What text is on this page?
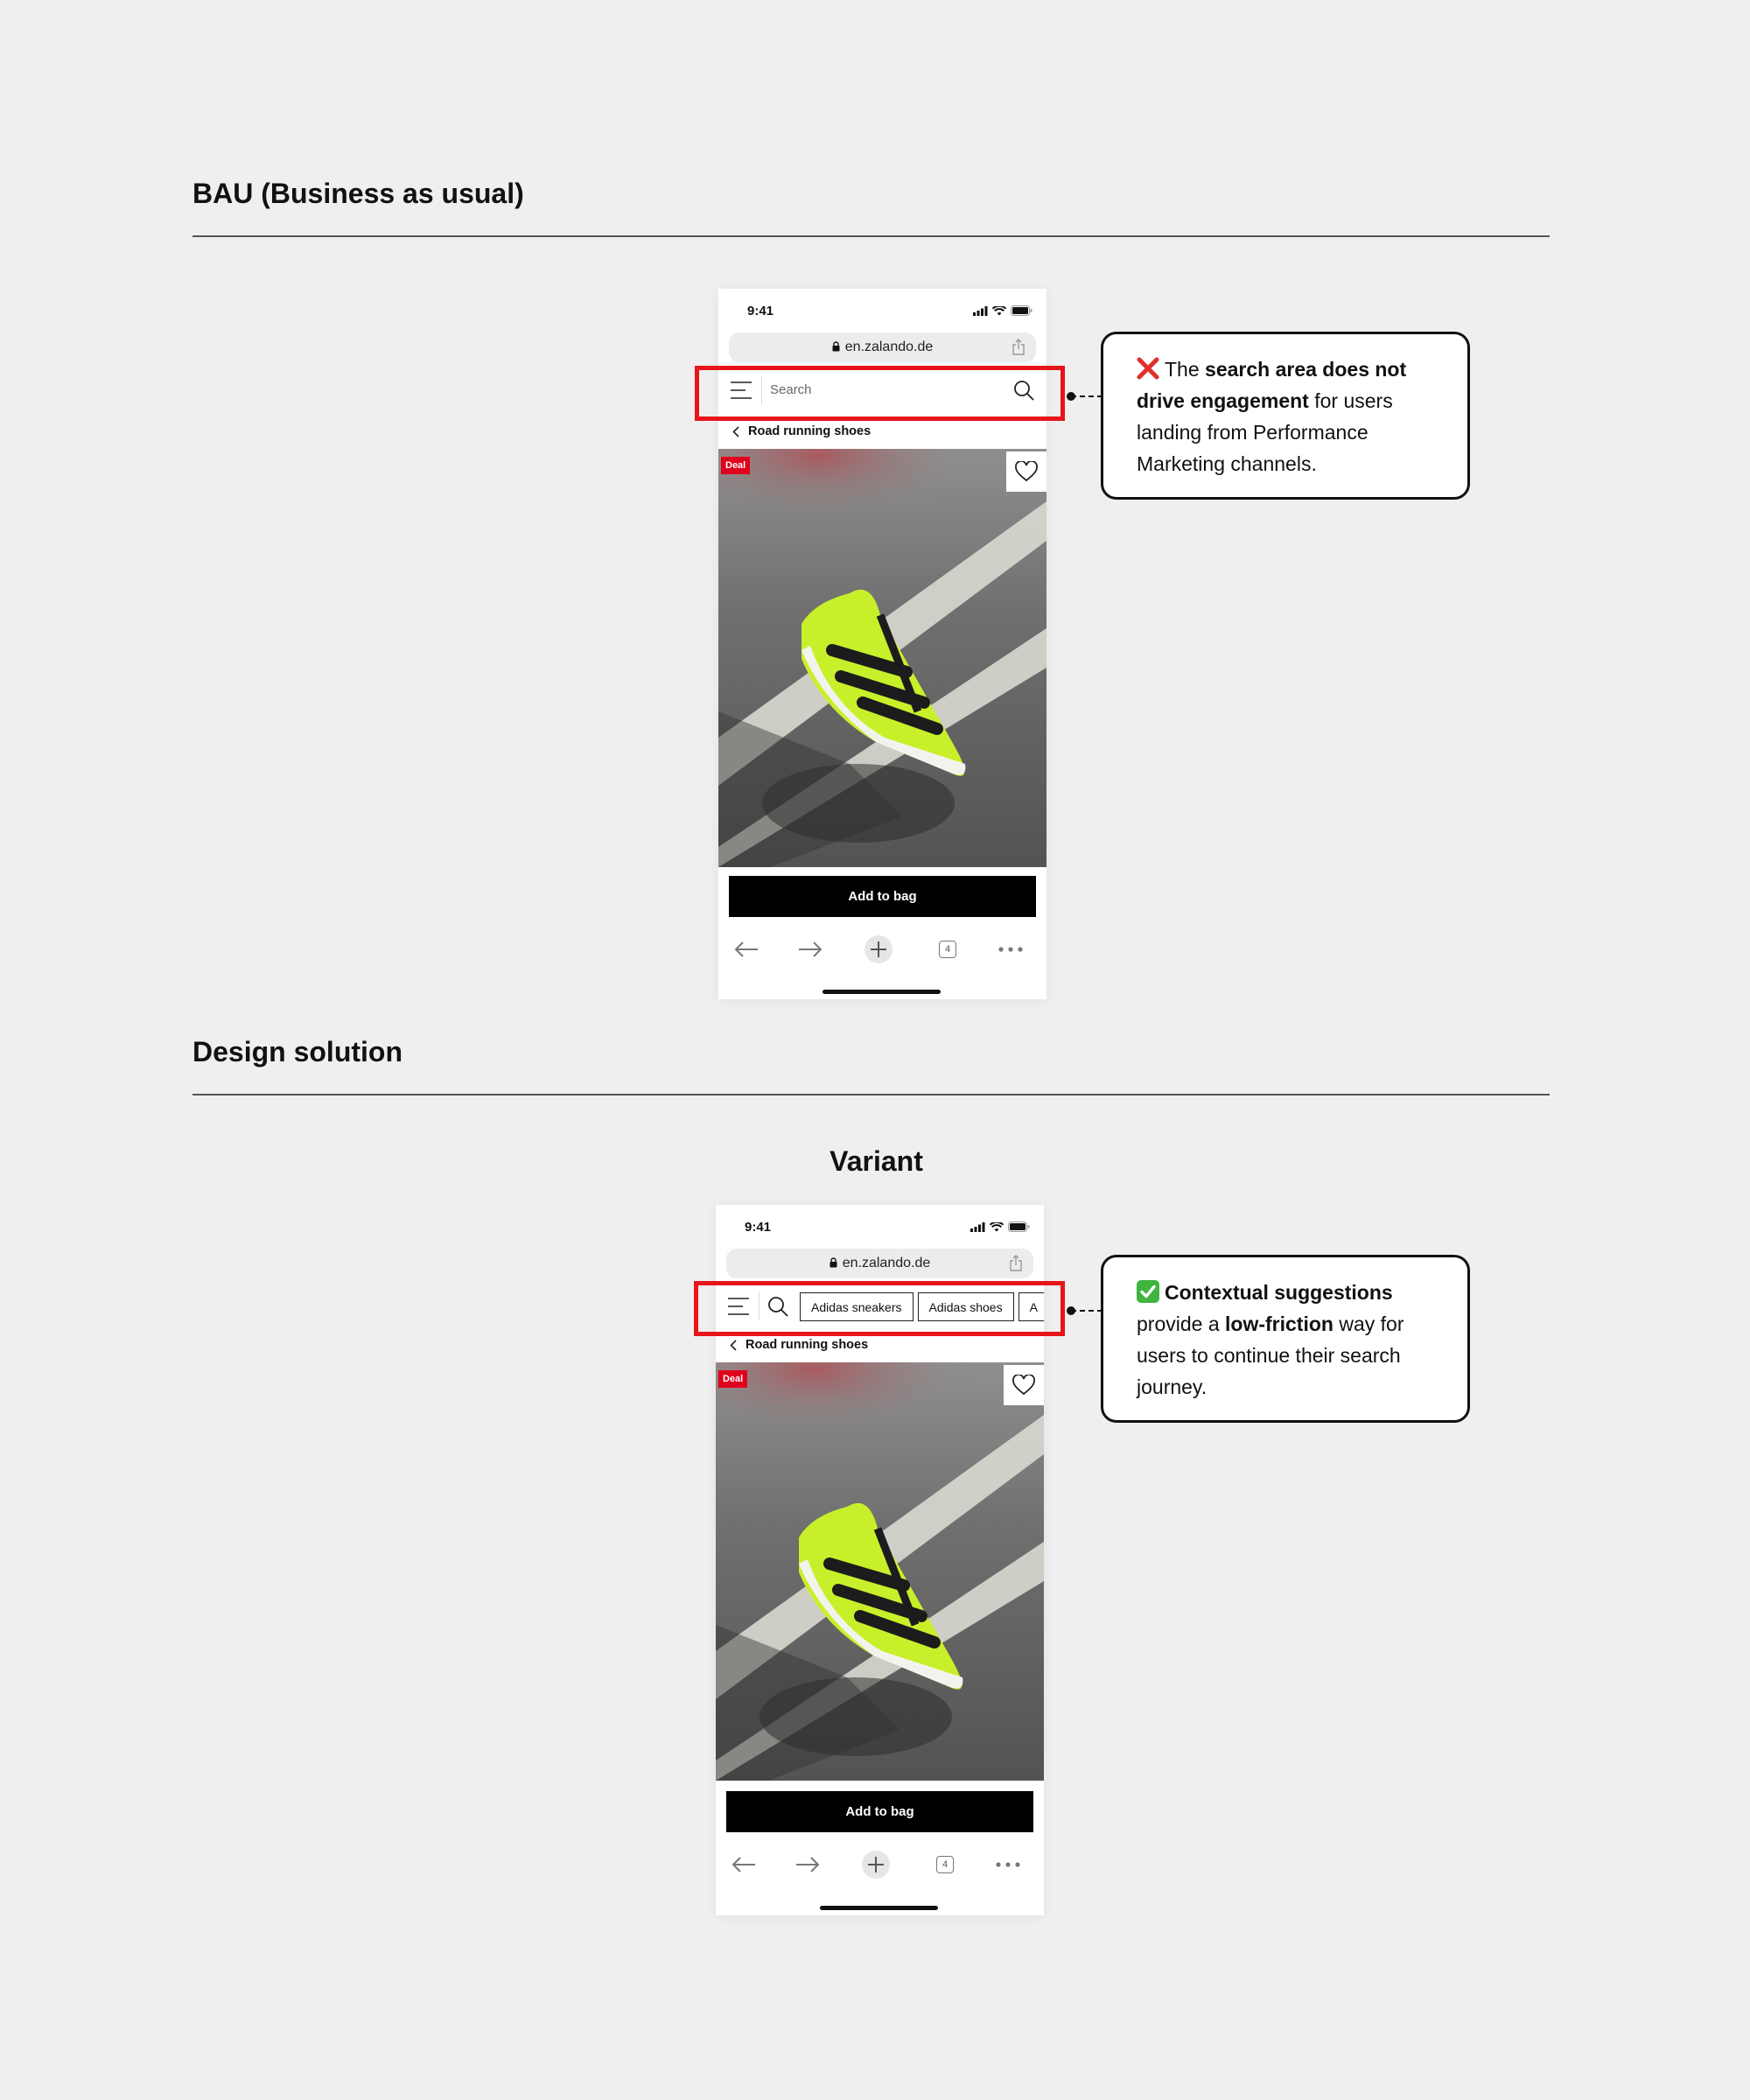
BAU (Business as usual)
9:41
en.zalando.de
Search
Road running shoes
Deal
Add to bag
4
The search area does not drive engagement for users landing from Performance Marketing channels.
Design solution
Variant
9:41
en.zalando.de
Adidas sneakers	Adidas shoes	A
Road running shoes
Deal
Add to bag
4
Contextual suggestions provide a low-friction way for users to continue their search journey.
